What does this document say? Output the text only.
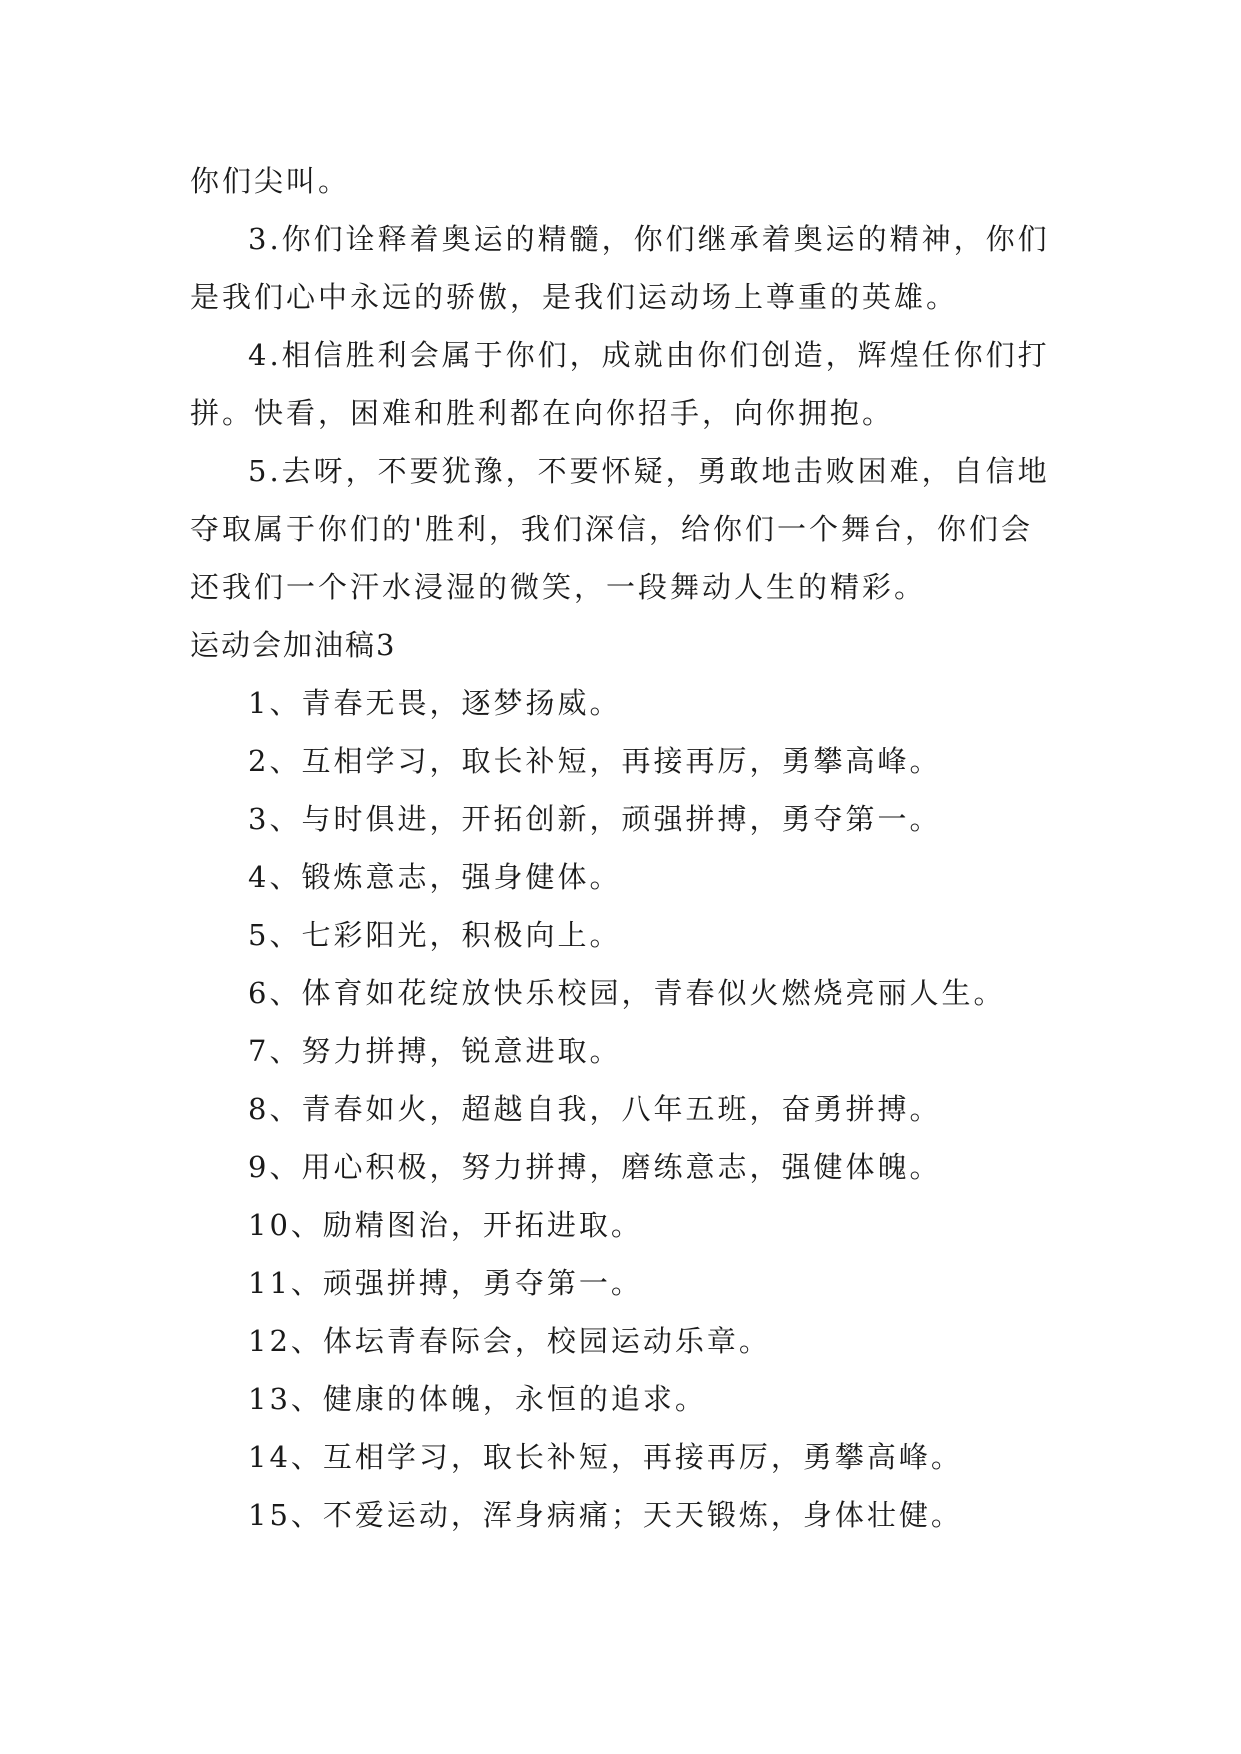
你们尖叫。

3.你们诠释着奥运的精髓，你们继承着奥运的精神，你们是我们心中永远的骄傲，是我们运动场上尊重的英雄。

4.相信胜利会属于你们，成就由你们创造，辉煌任你们打拼。快看，困难和胜利都在向你招手，向你拥抱。

5.去呀，不要犹豫，不要怀疑，勇敢地击败困难，自信地夺取属于你们的'胜利，我们深信，给你们一个舞台，你们会还我们一个汗水浸湿的微笑，一段舞动人生的精彩。

运动会加油稿3

1、青春无畏，逐梦扬威。
2、互相学习，取长补短，再接再厉，勇攀高峰。
3、与时俱进，开拓创新，顽强拼搏，勇夺第一。
4、锻炼意志，强身健体。
5、七彩阳光，积极向上。
6、体育如花绽放快乐校园，青春似火燃烧亮丽人生。
7、努力拼搏，锐意进取。
8、青春如火，超越自我，八年五班，奋勇拼搏。
9、用心积极，努力拼搏，磨练意志，强健体魄。
10、励精图治，开拓进取。
11、顽强拼搏，勇夺第一。
12、体坛青春际会，校园运动乐章。
13、健康的体魄，永恒的追求。
14、互相学习，取长补短，再接再厉，勇攀高峰。
15、不爱运动，浑身病痛；天天锻炼，身体壮健。
